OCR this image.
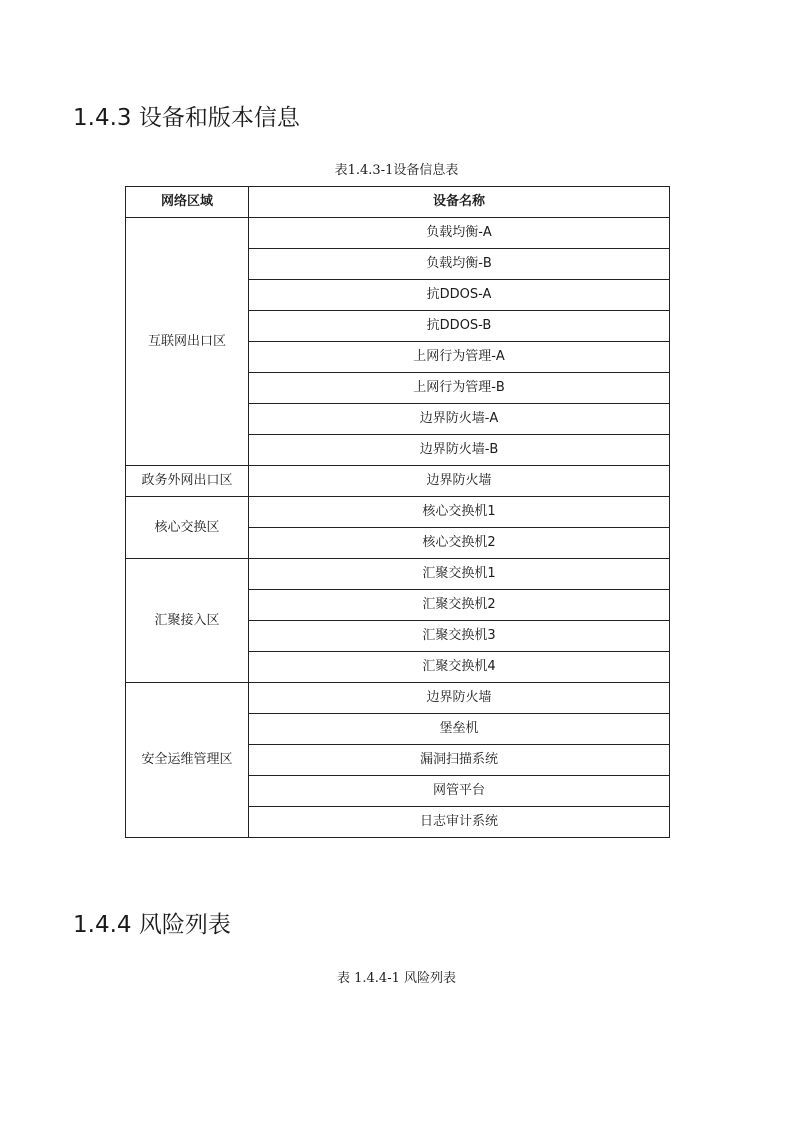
1.4.3 设备和版本信息

表1.4.3-1设备信息表

网络区域	设备名称
互联网出口区	负载均衡-A
	负载均衡-B
	抗DDOS-A
	抗DDOS-B
	上网行为管理-A
	上网行为管理-B
	边界防火墙-A
	边界防火墙-B
政务外网出口区	边界防火墙
核心交换区	核心交换机1
	核心交换机2
汇聚接入区	汇聚交换机1
	汇聚交换机2
	汇聚交换机3
	汇聚交换机4
安全运维管理区	边界防火墙
	堡垒机
	漏洞扫描系统
	网管平台
	日志审计系统
1.4.4 风险列表

表 1.4.4-1 风险列表
